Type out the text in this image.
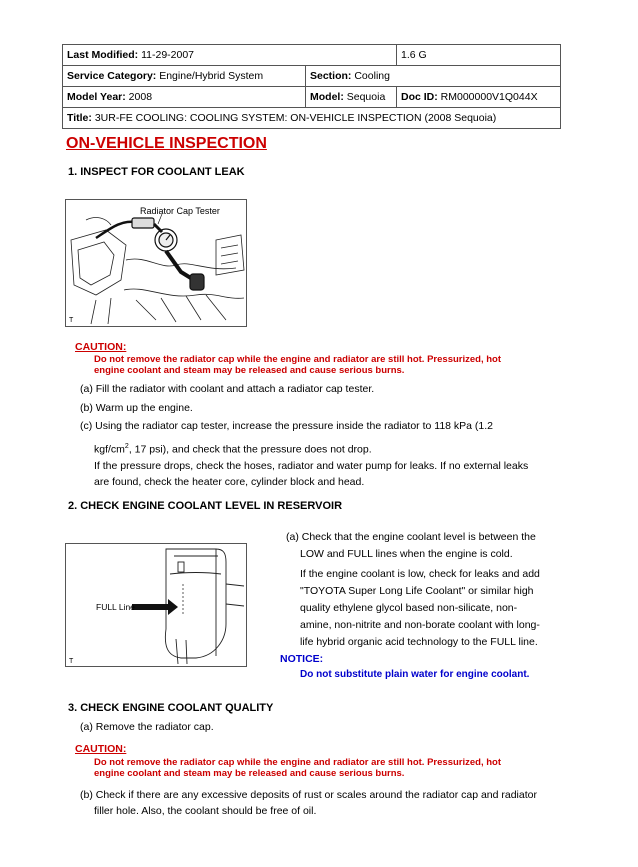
Last Modified: 11-29-2007		1.6 G
Service Category: Engine/Hybrid System	Section: Cooling	
Model Year: 2008	Model: Sequoia	Doc ID: RM000000V1Q044X
Title: 3UR-FE COOLING: COOLING SYSTEM: ON-VEHICLE INSPECTION (2008 Sequoia)		
ON-VEHICLE INSPECTION
1. INSPECT FOR COOLANT LEAK
Radiator Cap Tester
T
CAUTION:
Do not remove the radiator cap while the engine and radiator are still hot. Pressurized, hot
engine coolant and steam may be released and cause serious burns.
(a) Fill the radiator with coolant and attach a radiator cap tester.
(b) Warm up the engine.
(c) Using the radiator cap tester, increase the pressure inside the radiator to 118 kPa (1.2
kgf/$cm^2$, 17 psi), and check that the pressure does not drop.
If the pressure drops, check the hoses, radiator and water pump for leaks. If no external leaks
are found, check the heater core, cylinder block and head.
2. CHECK ENGINE COOLANT LEVEL IN RESERVOIR
FULL Line
T
(a) Check that the engine coolant level is between the
LOW and FULL lines when the engine is cold.
If the engine coolant is low, check for leaks and add
"TOYOTA Super Long Life Coolant" or similar high
quality ethylene glycol based non-silicate, non-
amine, non-nitrite and non-borate coolant with long-
life hybrid organic acid technology to the FULL line.
NOTICE:
Do not substitute plain water for engine coolant.
3. CHECK ENGINE COOLANT QUALITY
(a) Remove the radiator cap.
CAUTION:
Do not remove the radiator cap while the engine and radiator are still hot. Pressurized, hot
engine coolant and steam may be released and cause serious burns.
(b) Check if there are any excessive deposits of rust or scales around the radiator cap and radiator
filler hole. Also, the coolant should be free of oil.
